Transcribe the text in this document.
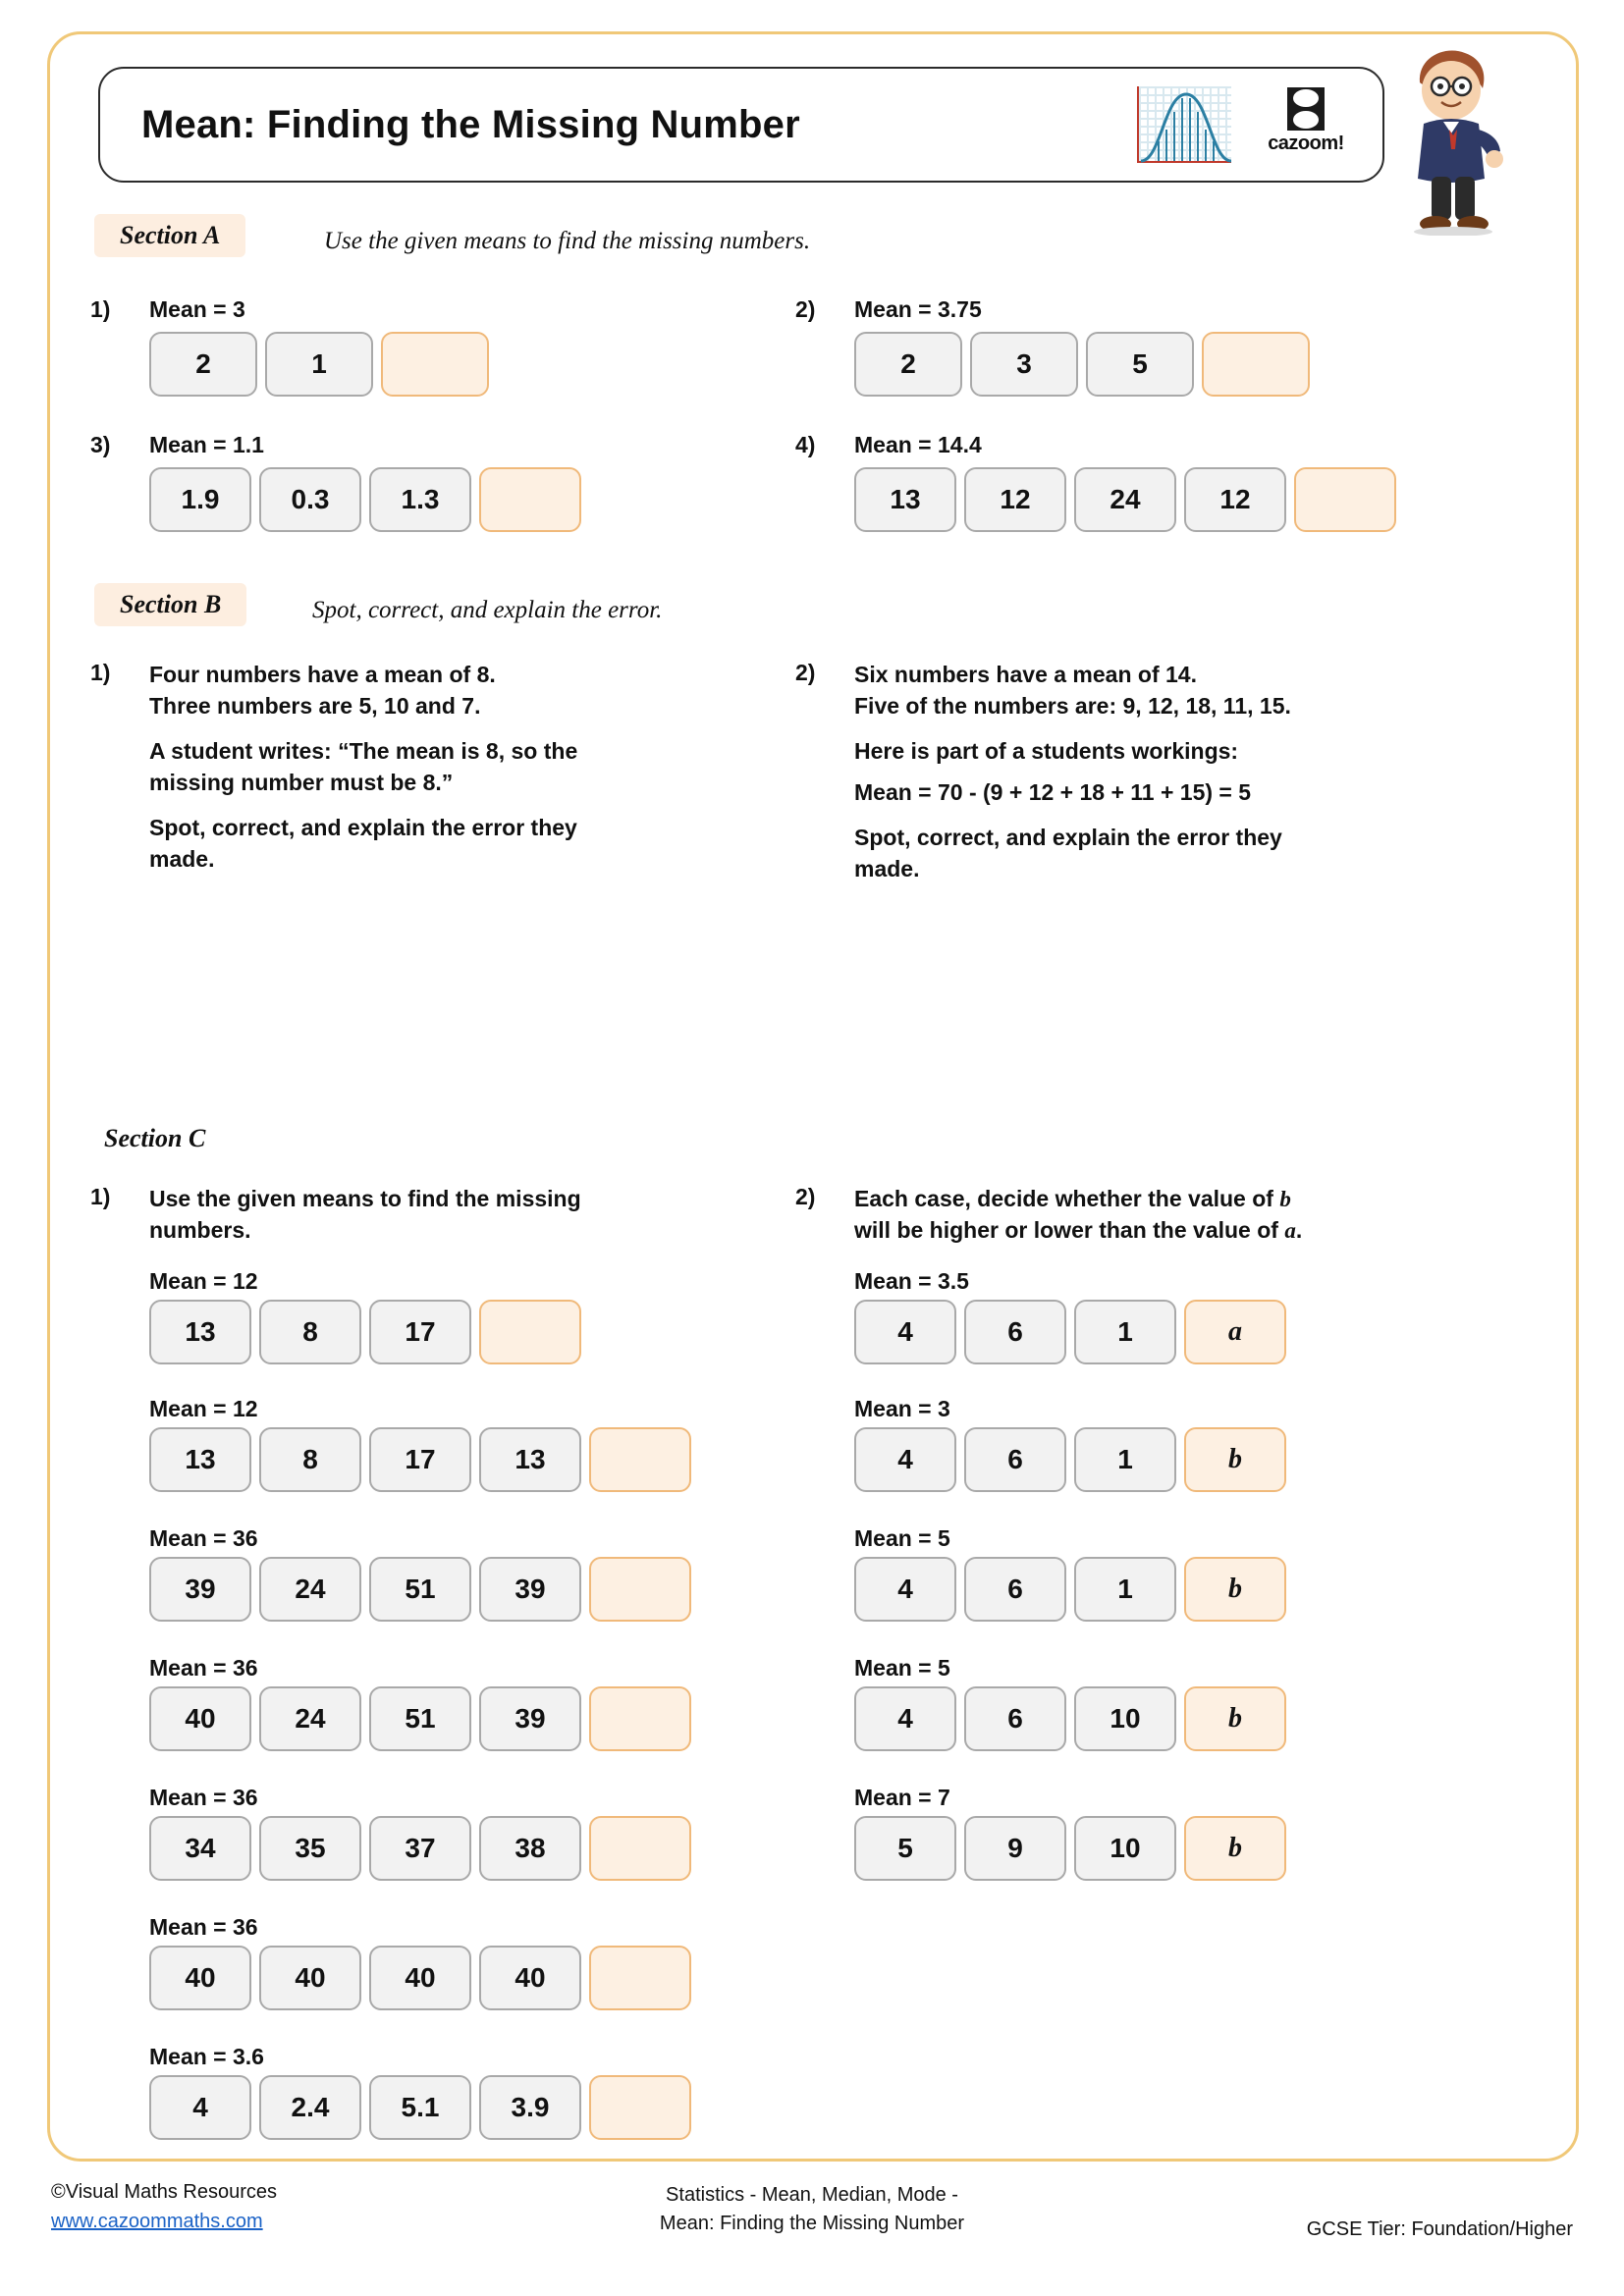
Mean: Finding the Missing Number	cazoom!
Section A	Use the given means to find the missing numbers.
1) Mean = 3
2	1
2) Mean = 3.75
2	3	5
3) Mean = 1.1
1.9	0.3	1.3
4) Mean = 14.4
13	12	24	12
Section B	Spot, correct, and explain the error.
1) Four numbers have a mean of 8.
Three numbers are 5, 10 and 7.
A student writes: “The mean is 8, so the
missing number must be 8.”
Spot, correct, and explain the error they
made.
2) Six numbers have a mean of 14.
Five of the numbers are: 9, 12, 18, 11, 15.
Here is part of a students workings:
Mean = 70 - (9 + 12 + 18 + 11 + 15) = 5
Spot, correct, and explain the error they
made.
Section C
1) Use the given means to find the missing
numbers.
Mean = 12
13	8	17
Mean = 12
13	8	17	13
Mean = 36
39	24	51	39
Mean = 36
40	24	51	39
Mean = 36
34	35	37	38
Mean = 36
40	40	40	40
Mean = 3.6
4	2.4	5.1	3.9
2) Each case, decide whether the value of b
will be higher or lower than the value of a.
Mean = 3.5
4	6	1	a
Mean = 3
4	6	1	b
Mean = 5
4	6	1	b
Mean = 5
4	6	10	b
Mean = 7
5	9	10	b
©Visual Maths Resources
www.cazoommaths.com
Statistics - Mean, Median, Mode -
Mean: Finding the Missing Number	GCSE Tier: Foundation/Higher
